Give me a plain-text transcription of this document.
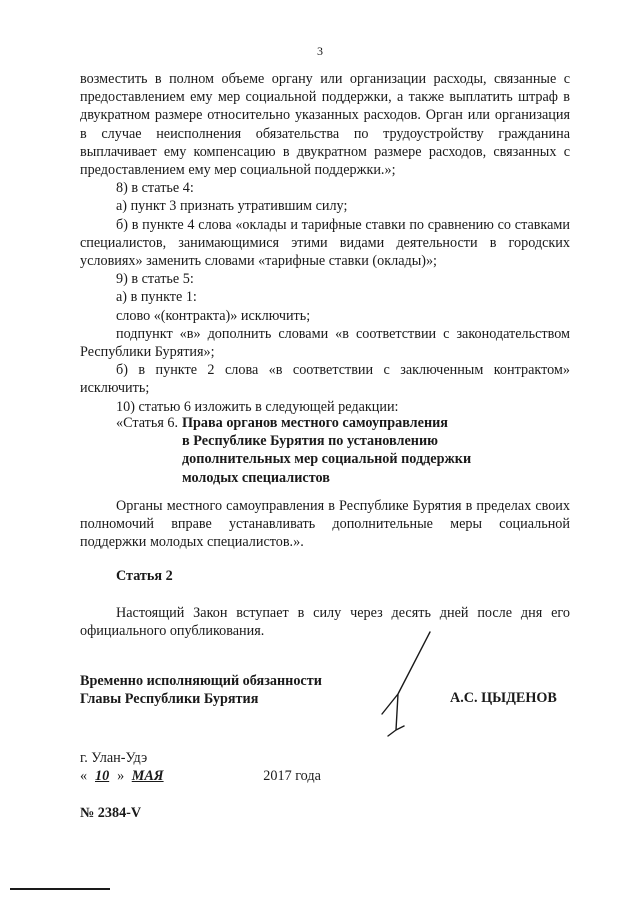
3

возместить в полном объеме органу или организации расходы, связанные с предоставлением ему мер социальной поддержки, а также выплатить штраф в двукратном размере относительно указанных расходов. Орган или организация в случае неисполнения обязательства по трудоустройству гражданина выплачивает ему компенсацию в двукратном размере расходов, связанных с предоставлением ему мер социальной поддержки.»;

8) в статье 4:

а) пункт 3 признать утратившим силу;

б) в пункте 4 слова «оклады и тарифные ставки по сравнению со ставками специалистов, занимающимися этими видами деятельности в городских условиях» заменить словами «тарифные ставки (оклады)»;

9) в статье 5:

а) в пункте 1:

слово «(контракта)» исключить;

подпункт «в» дополнить словами «в соответствии с законодательством Республики Бурятия»;

б) в пункте 2 слова «в соответствии с заключенным контрактом» исключить;

10) статью 6 изложить в следующей редакции:

«Статья 6. Права органов местного самоуправления
в Республике Бурятия по установлению
дополнительных мер социальной поддержки
молодых специалистов

Органы местного самоуправления в Республике Бурятия в пределах своих полномочий вправе устанавливать дополнительные меры социальной поддержки молодых специалистов.».

Статья 2

Настоящий Закон вступает в силу через десять дней после дня его официального опубликования.

Временно исполняющий обязанности
Главы Республики Бурятия	А.С. ЦЫДЕНОВ
г. Улан-Удэ
« 10 » МАЯ	2017 года
№ 2384-V
